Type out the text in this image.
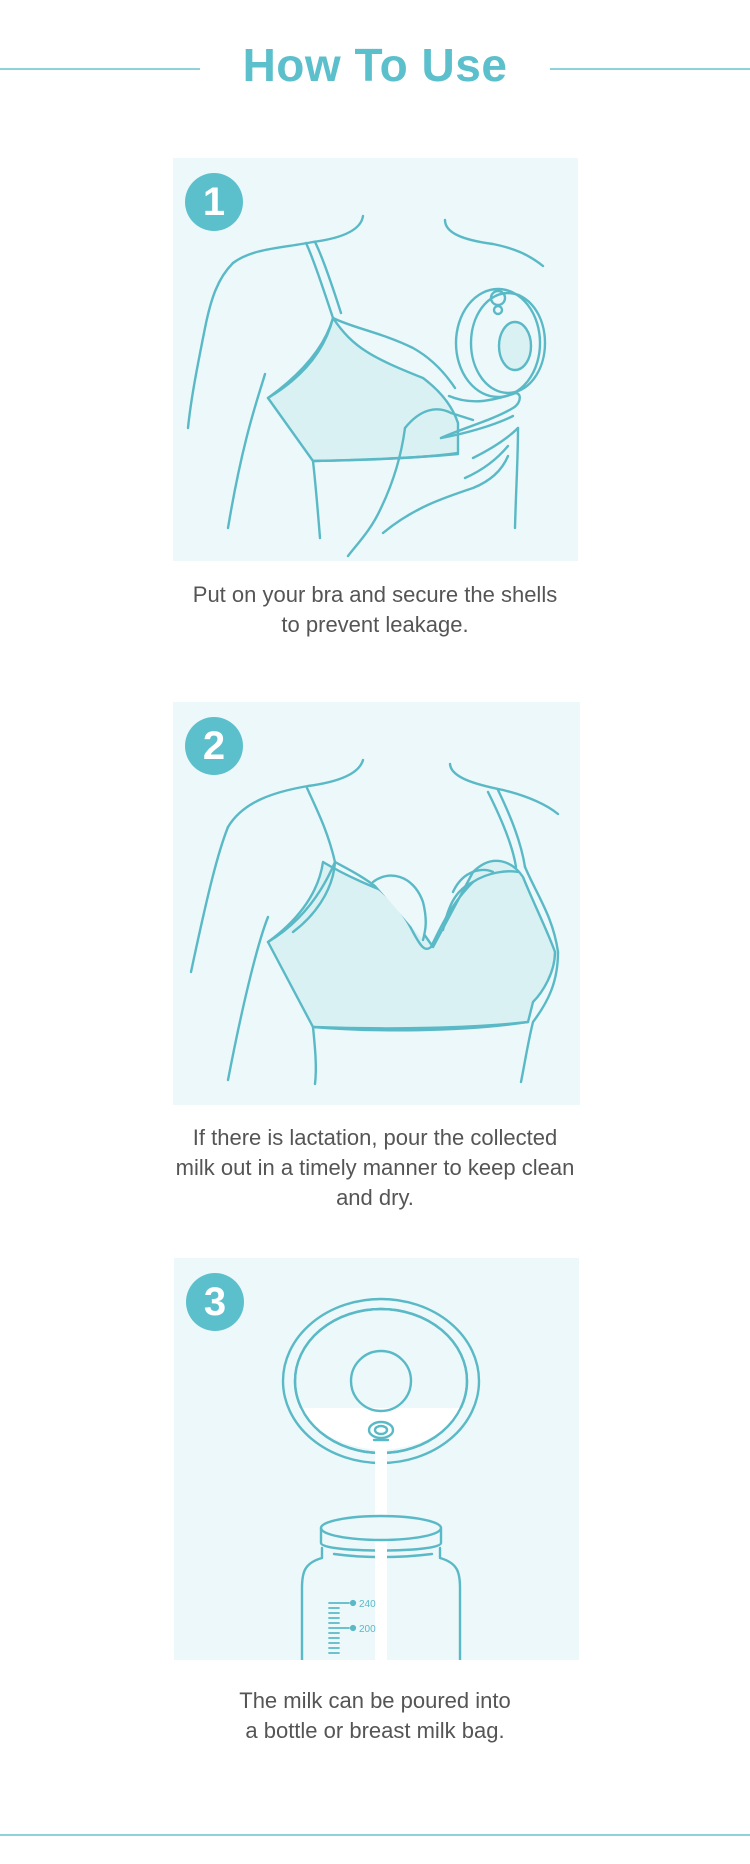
How To Use
1
Put on your bra and secure the shells
to prevent leakage.
2
If there is lactation, pour the collected
milk out in a timely manner to keep clean
and dry.
3
240
200
The milk can be poured into
a bottle or breast milk bag.
